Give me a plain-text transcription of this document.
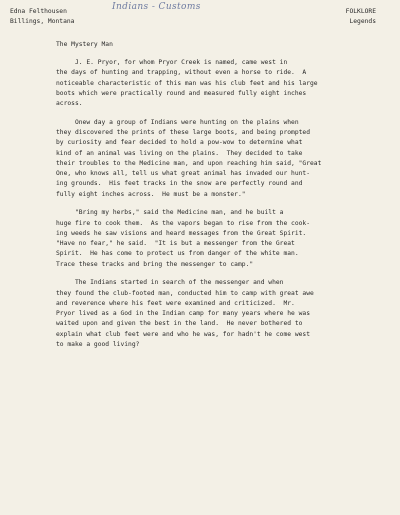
Edna Felthousen
Billings, Montana
Indians - Customs	FOLKLORE
Legends
The Mystery Man
J. E. Pryor, for whom Pryor Creek is named, came west in
the days of hunting and trapping, without even a horse to ride.  A
noticeable characteristic of this man was his club feet and his large
boots which were practically round and measured fully eight inches
across.
Onew day a group of Indians were hunting on the plains when
they discovered the prints of these large boots, and being prompted
by curiosity and fear decided to hold a pow-wow to determine what
kind of an animal was living on the plains.  They decided to take
their troubles to the Medicine man, and upon reaching him said, "Great
One, who knows all, tell us what great animal has invaded our hunt-
ing grounds.  His feet tracks in the snow are perfectly round and
fully eight inches across.  He must be a monster."
"Bring my herbs," said the Medicine man, and he built a
huge fire to cook them.  As the vapors began to rise from the cook-
ing weeds he saw visions and heard messages from the Great Spirit.
"Have no fear," he said.  "It is but a messenger from the Great
Spirit.  He has come to protect us from danger of the white man.
Trace these tracks and bring the messenger to camp."
The Indians started in search of the messenger and when
they found the club-footed man, conducted him to camp with great awe
and reverence where his feet were examined and criticized.  Mr.
Pryor lived as a God in the Indian camp for many years where he was
waited upon and given the best in the land.  He never bothered to
explain what club feet were and who he was, for hadn't he come west
to make a good living?
